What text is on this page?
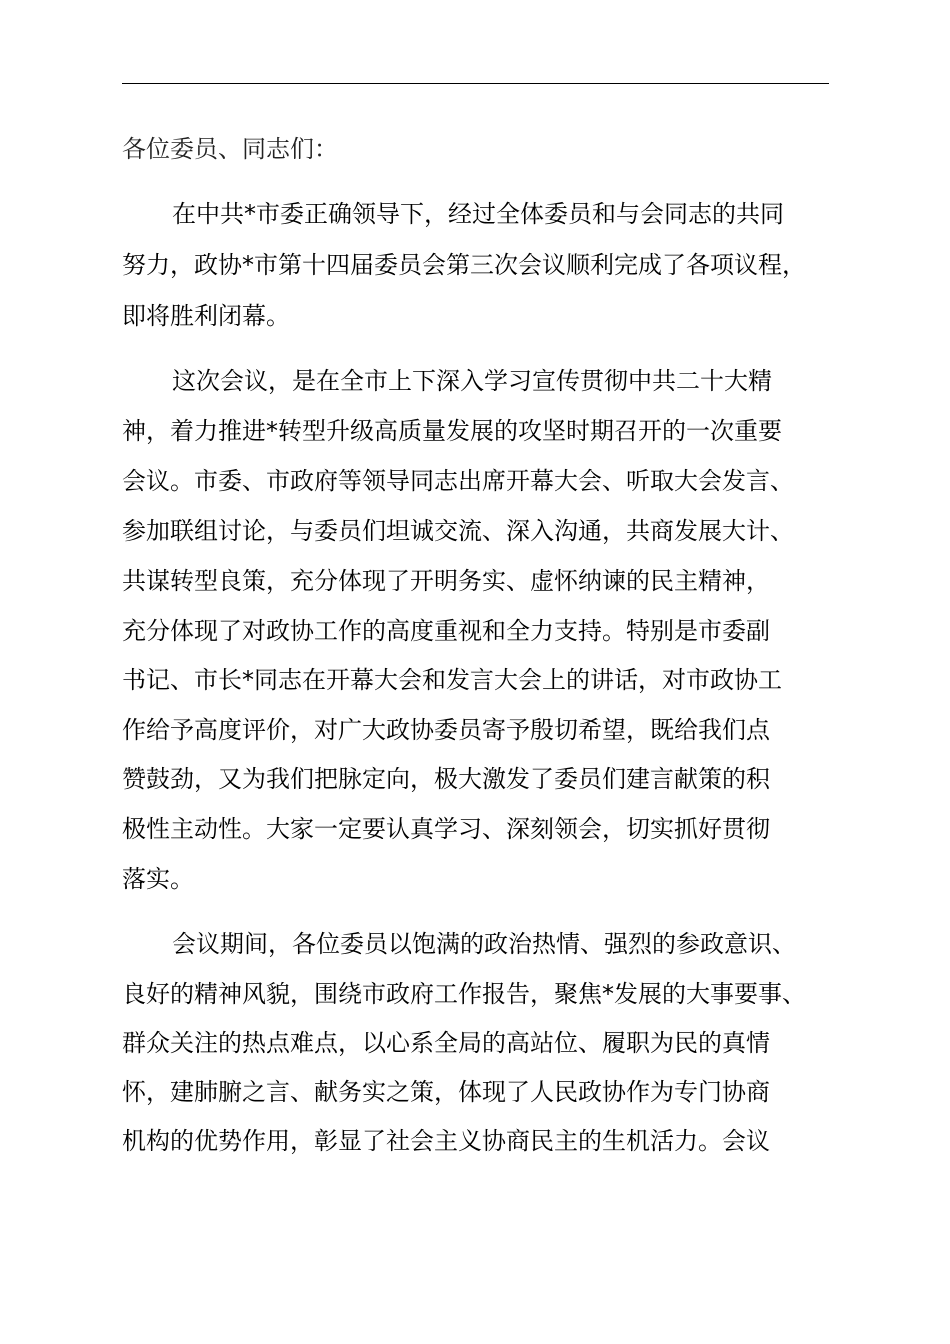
各位委员、同志们：
在中共*市委正确领导下，经过全体委员和与会同志的共同
努力，政协*市第十四届委员会第三次会议顺利完成了各项议程，
即将胜利闭幕。
这次会议，是在全市上下深入学习宣传贯彻中共二十大精
神，着力推进*转型升级高质量发展的攻坚时期召开的一次重要
会议。市委、市政府等领导同志出席开幕大会、听取大会发言、
参加联组讨论，与委员们坦诚交流、深入沟通，共商发展大计、
共谋转型良策，充分体现了开明务实、虚怀纳谏的民主精神，
充分体现了对政协工作的高度重视和全力支持。特别是市委副
书记、市长*同志在开幕大会和发言大会上的讲话，对市政协工
作给予高度评价，对广大政协委员寄予殷切希望，既给我们点
赞鼓劲，又为我们把脉定向，极大激发了委员们建言献策的积
极性主动性。大家一定要认真学习、深刻领会，切实抓好贯彻
落实。
会议期间，各位委员以饱满的政治热情、强烈的参政意识、
良好的精神风貌，围绕市政府工作报告，聚焦*发展的大事要事、
群众关注的热点难点，以心系全局的高站位、履职为民的真情
怀，建肺腑之言、献务实之策，体现了人民政协作为专门协商
机构的优势作用，彰显了社会主义协商民主的生机活力。会议
